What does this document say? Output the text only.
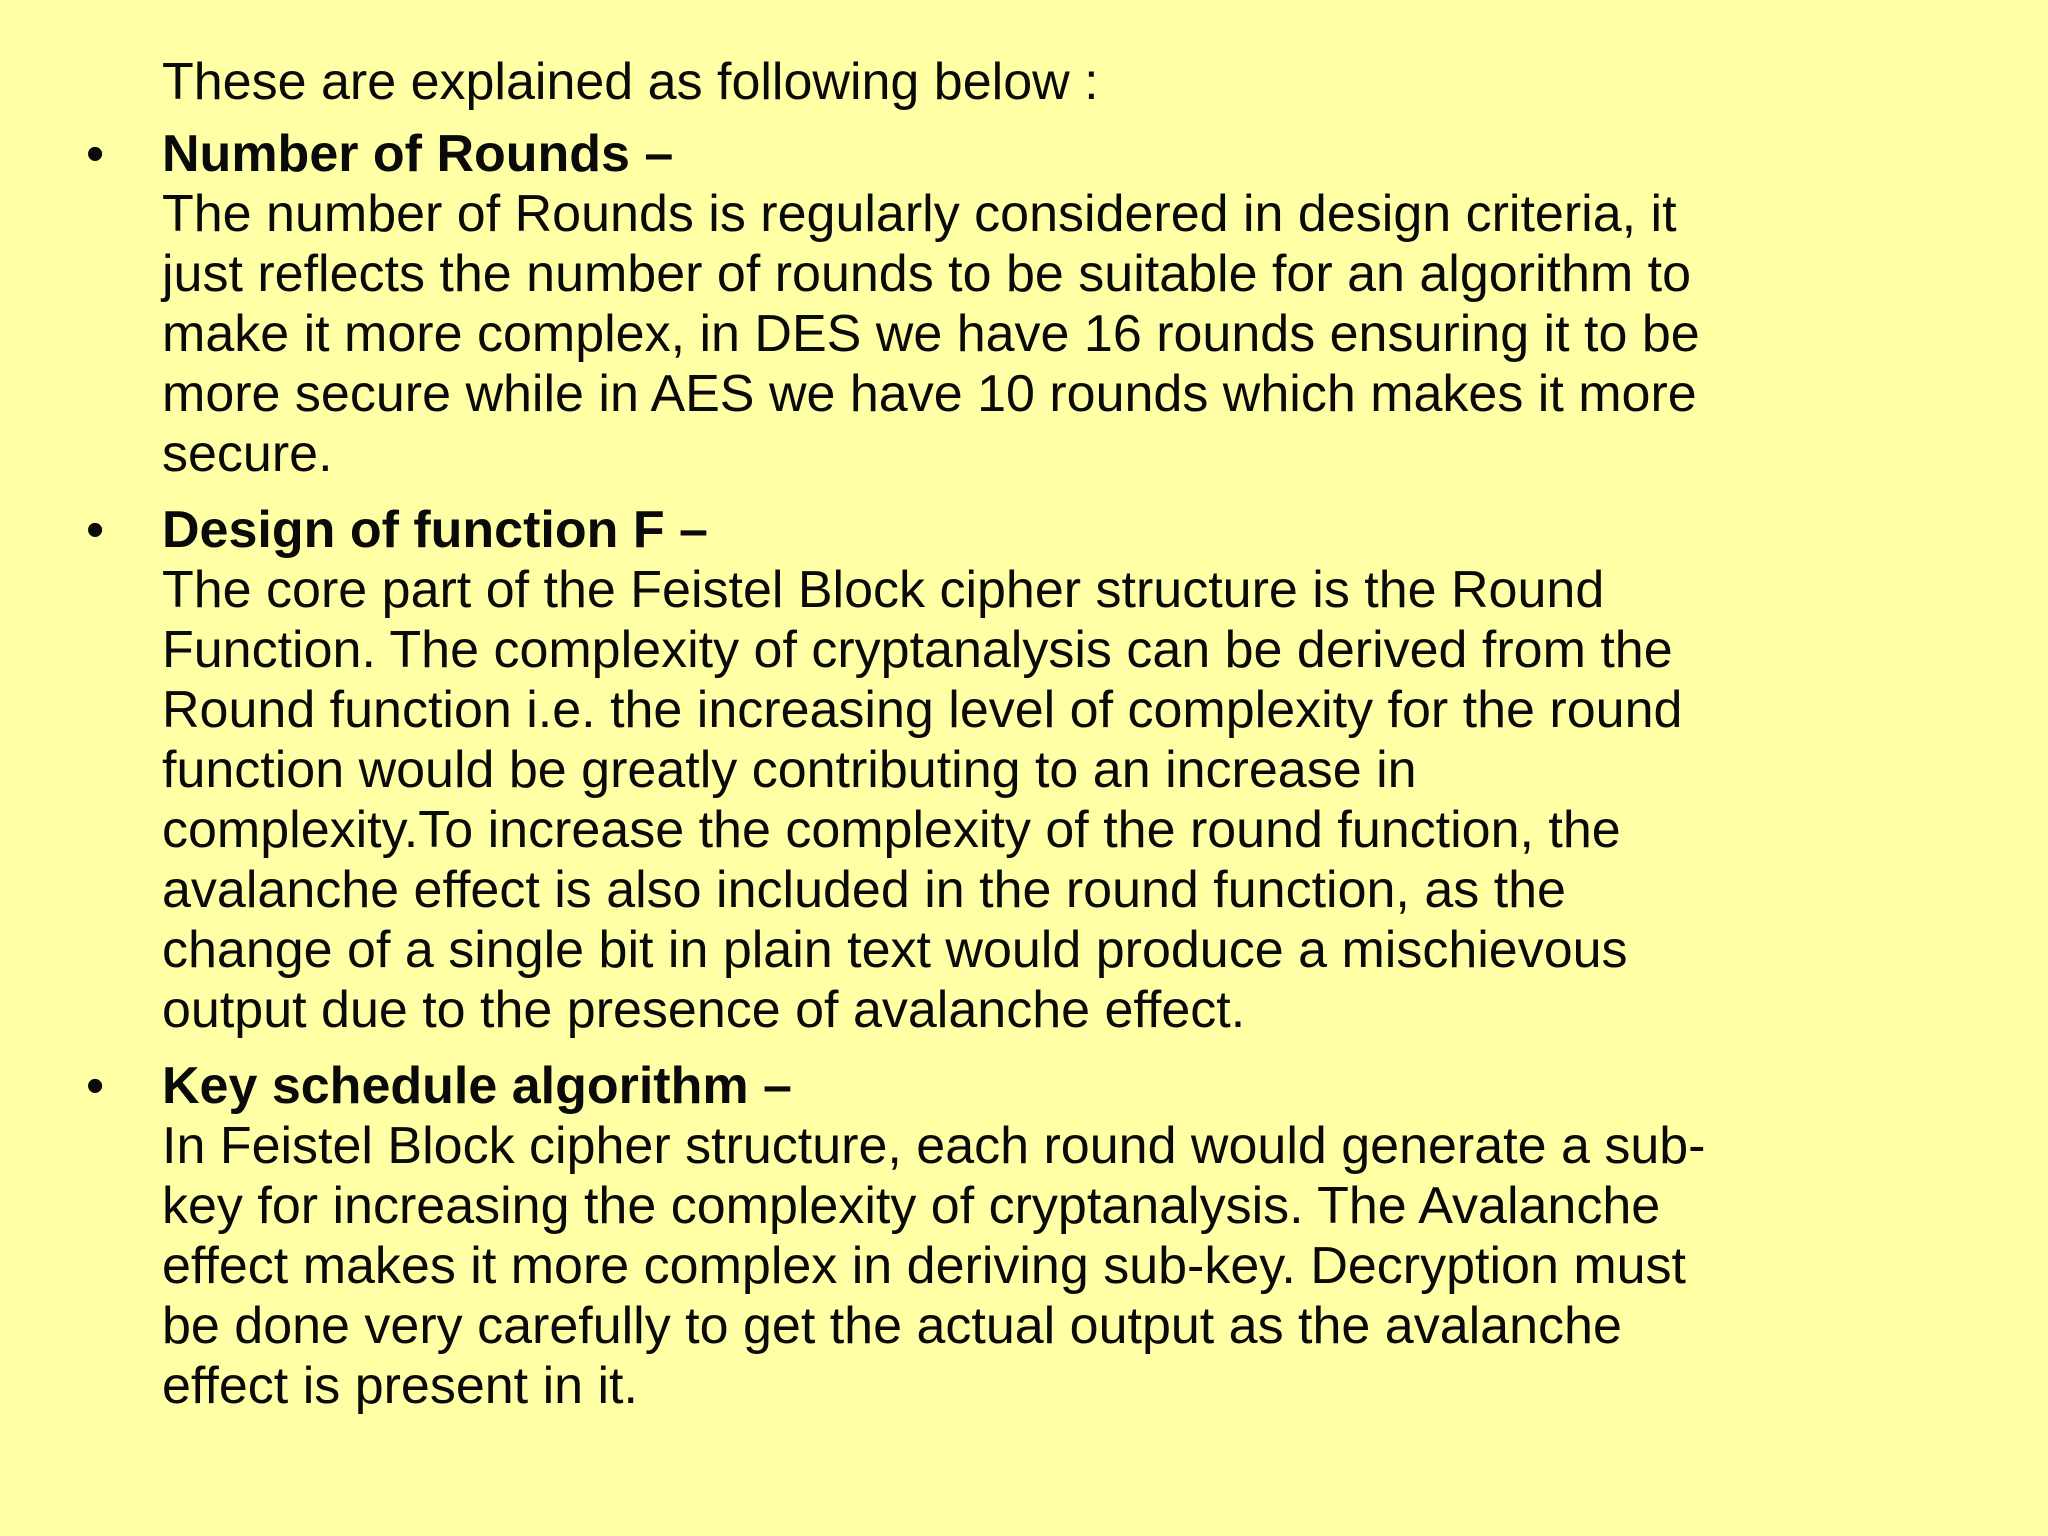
These are explained as following below :
• Number of Rounds –
The number of Rounds is regularly considered in design criteria, it
just reflects the number of rounds to be suitable for an algorithm to
make it more complex, in DES we have 16 rounds ensuring it to be
more secure while in AES we have 10 rounds which makes it more
secure.
• Design of function F –
The core part of the Feistel Block cipher structure is the Round
Function. The complexity of cryptanalysis can be derived from the
Round function i.e. the increasing level of complexity for the round
function would be greatly contributing to an increase in
complexity.To increase the complexity of the round function, the
avalanche effect is also included in the round function, as the
change of a single bit in plain text would produce a mischievous
output due to the presence of avalanche effect.
• Key schedule algorithm –
In Feistel Block cipher structure, each round would generate a sub-
key for increasing the complexity of cryptanalysis. The Avalanche
effect makes it more complex in deriving sub-key. Decryption must
be done very carefully to get the actual output as the avalanche
effect is present in it.
